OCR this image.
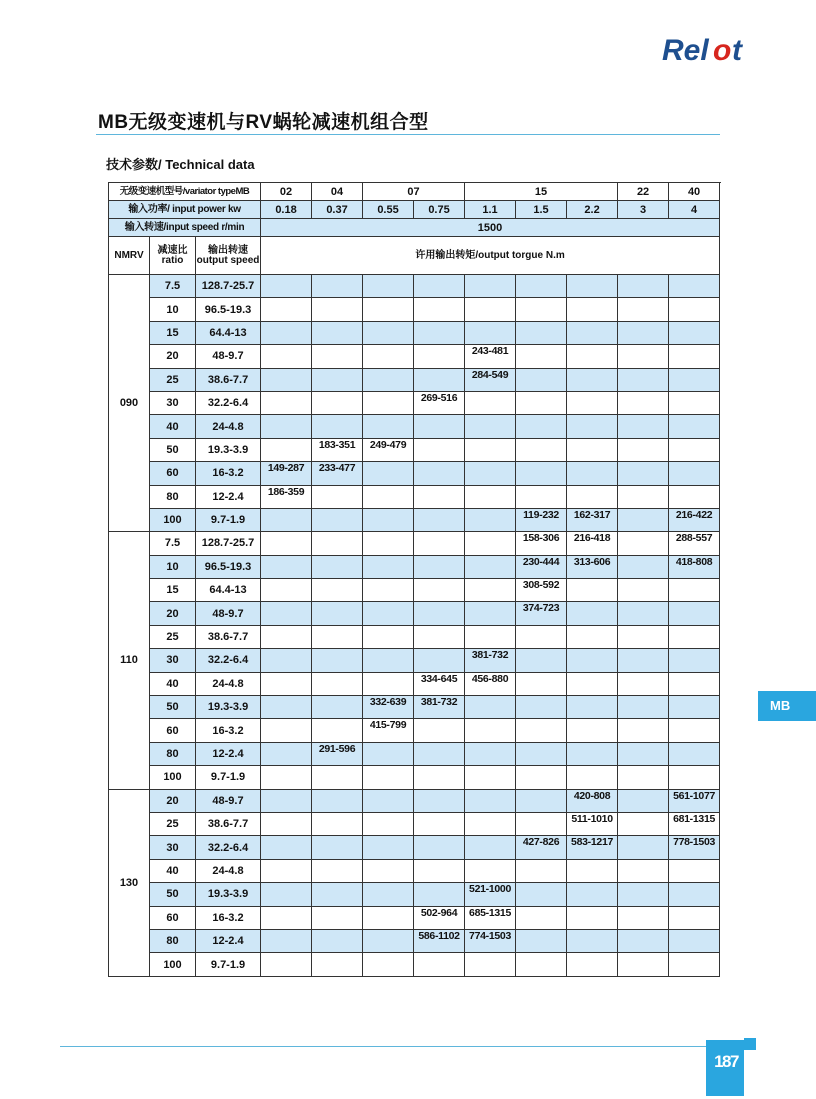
Rel o t
MB无级变速机与RV蜗轮减速机组合型
技术参数/ Technical data
无级变速机型号/variator typeMB			02	04	07		15			22	40
输入功率/ input power kw			0.18	0.37	0.55	0.75	1.1	1.5	2.2	3	4
输入转速/input speed r/min			1500								
NMRV	减速比
ratio	输出转速
output speed	许用输出转矩/output torgue N.m								
090	7.5	128.7-25.7									
	10	96.5-19.3									
	15	64.4-13									
	20	48-9.7					243-481				
	25	38.6-7.7					284-549				
	30	32.2-6.4				269-516					
	40	24-4.8									
	50	19.3-3.9		183-351	249-479						
	60	16-3.2	149-287	233-477							
	80	12-2.4	186-359								
	100	9.7-1.9						119-232	162-317		216-422
110	7.5	128.7-25.7						158-306	216-418		288-557
	10	96.5-19.3						230-444	313-606		418-808
	15	64.4-13						308-592			
	20	48-9.7						374-723			
	25	38.6-7.7									
	30	32.2-6.4					381-732				
	40	24-4.8				334-645	456-880				
	50	19.3-3.9			332-639	381-732					
	60	16-3.2			415-799						
	80	12-2.4		291-596							
	100	9.7-1.9									
130	20	48-9.7							420-808		561-1077
	25	38.6-7.7							511-1010		681-1315
	30	32.2-6.4						427-826	583-1217		778-1503
	40	24-4.8									
	50	19.3-3.9					521-1000				
	60	16-3.2				502-964	685-1315				
	80	12-2.4				586-1102	774-1503				
	100	9.7-1.9									
MB
187
